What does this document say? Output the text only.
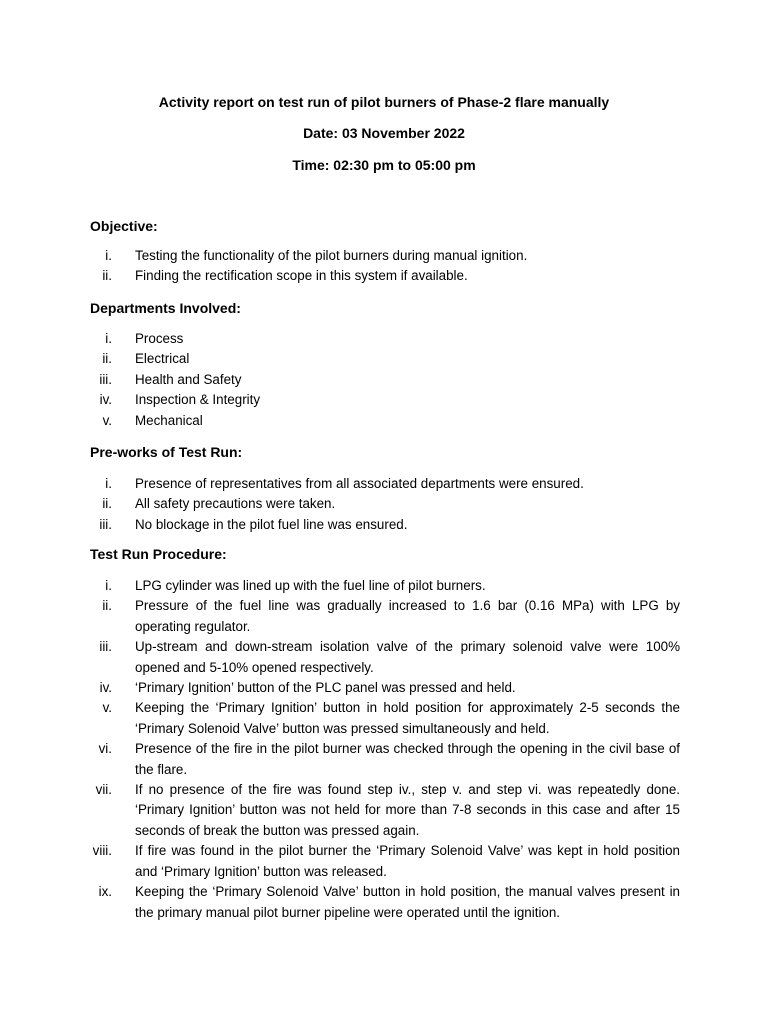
Activity report on test run of pilot burners of Phase-2 flare manually
Date: 03 November 2022
Time: 02:30 pm to 05:00 pm

Objective:

i. Testing the functionality of the pilot burners during manual ignition.
ii. Finding the rectification scope in this system if available.

Departments Involved:

i. Process
ii. Electrical
iii. Health and Safety
iv. Inspection & Integrity
v. Mechanical

Pre-works of Test Run:

i. Presence of representatives from all associated departments were ensured.
ii. All safety precautions were taken.
iii. No blockage in the pilot fuel line was ensured.

Test Run Procedure:

i. LPG cylinder was lined up with the fuel line of pilot burners.
ii. Pressure of the fuel line was gradually increased to 1.6 bar (0.16 MPa) with LPG by operating regulator.
iii. Up-stream and down-stream isolation valve of the primary solenoid valve were 100% opened and 5-10% opened respectively.
iv. ‘Primary Ignition’ button of the PLC panel was pressed and held.
v. Keeping the ‘Primary Ignition’ button in hold position for approximately 2-5 seconds the ‘Primary Solenoid Valve’ button was pressed simultaneously and held.
vi. Presence of the fire in the pilot burner was checked through the opening in the civil base of the flare.
vii. If no presence of the fire was found step iv., step v. and step vi. was repeatedly done. ‘Primary Ignition’ button was not held for more than 7-8 seconds in this case and after 15 seconds of break the button was pressed again.
viii. If fire was found in the pilot burner the ‘Primary Solenoid Valve’ was kept in hold position and ‘Primary Ignition’ button was released.
ix. Keeping the ‘Primary Solenoid Valve’ button in hold position, the manual valves present in the primary manual pilot burner pipeline were operated until the ignition.
